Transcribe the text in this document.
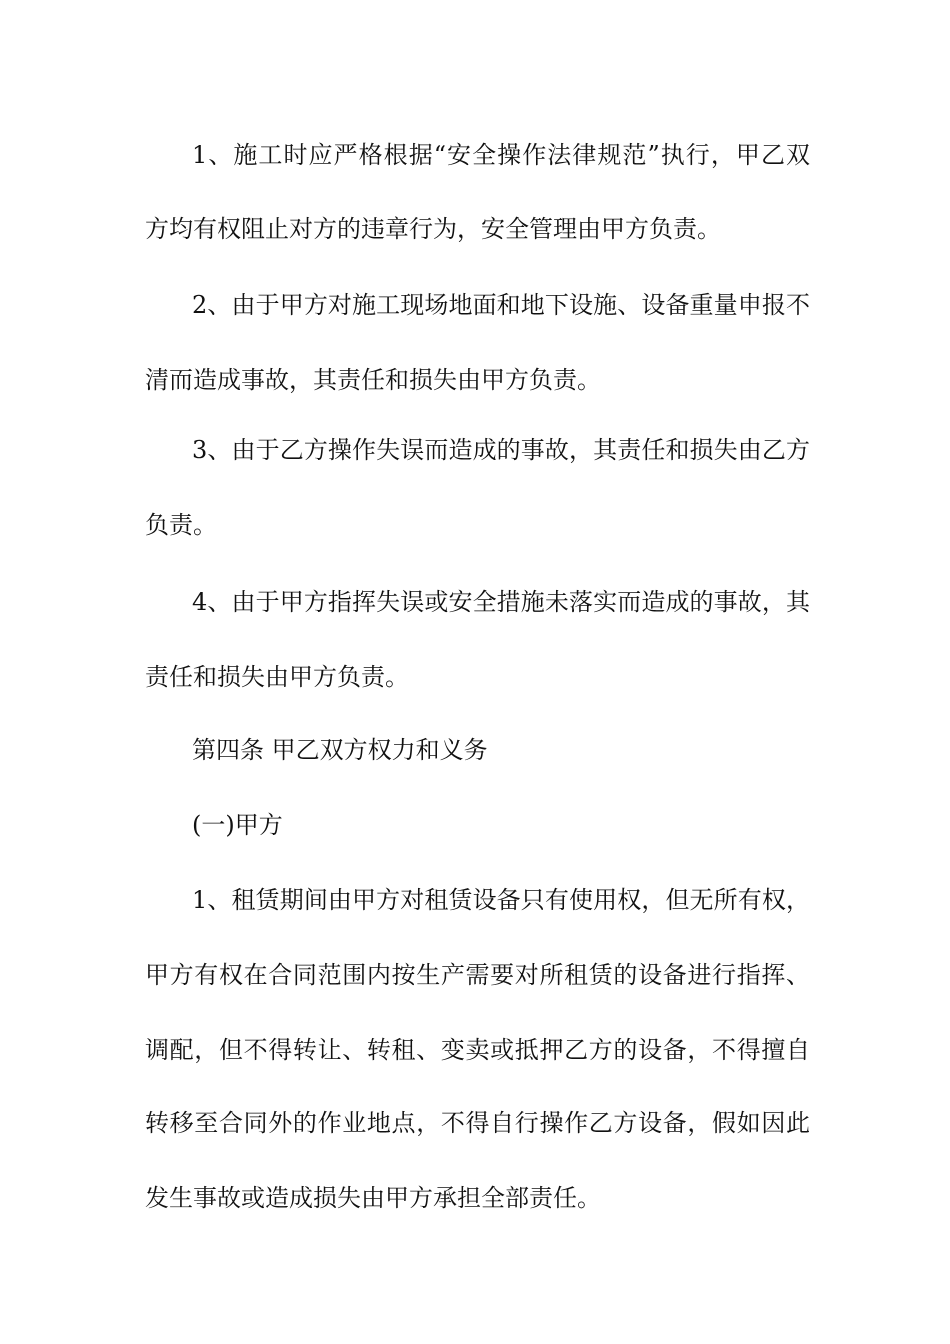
1、施工时应严格根据“安全操作法律规范”执行，甲乙双
方均有权阻止对方的违章行为，安全管理由甲方负责。
2、由于甲方对施工现场地面和地下设施、设备重量申报不
清而造成事故，其责任和损失由甲方负责。
3、由于乙方操作失误而造成的事故，其责任和损失由乙方
负责。
4、由于甲方指挥失误或安全措施未落实而造成的事故，其
责任和损失由甲方负责。
第四条 甲乙双方权力和义务
(一)甲方
1、租赁期间由甲方对租赁设备只有使用权，但无所有权，
甲方有权在合同范围内按生产需要对所租赁的设备进行指挥、
调配，但不得转让、转租、变卖或抵押乙方的设备，不得擅自
转移至合同外的作业地点，不得自行操作乙方设备，假如因此
发生事故或造成损失由甲方承担全部责任。
